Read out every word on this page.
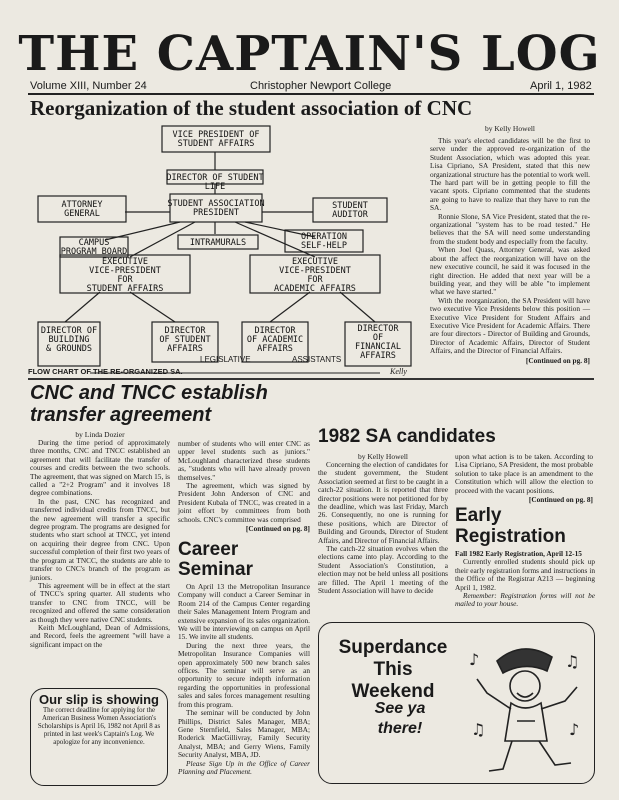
THE CAPTAIN'S LOG
Volume XIII, Number 24	Christopher Newport College	April 1, 1982
Reorganization of the student association of CNC
VICE PRESIDENT OF
STUDENT AFFAIRS
DIRECTOR OF STUDENT
LIFE
ATTORNEY
GENERAL
STUDENT ASSOCIATION
PRESIDENT
STUDENT
AUDITOR
CAMPUS
PROGRAM BOARD
INTRAMURALS
OPERATION
SELF-HELP
EXECUTIVE
VICE-PRESIDENT
FOR
STUDENT AFFAIRS
EXECUTIVE
VICE-PRESIDENT
FOR
ACADEMIC AFFAIRS
DIRECTOR OF
BUILDING
& GROUNDS
DIRECTOR
OF STUDENT
AFFAIRS
DIRECTOR
OF ACADEMIC
AFFAIRS
DIRECTOR
OF
FINANCIAL
AFFAIRS
LEGISLATIVE	ASSISTANTS
Kelly
FLOW CHART OF THE RE-ORGANIZED SA.
by Kelly Howell

This year's elected candidates will be the first to serve under the approved re-organization of the Student Association, which was adopted this year. Lisa Cipriano, SA President, stated that this new organizational structure has the potential to work well. The hard part will be in getting people to fill the vacant spots. Cipriano commented that the students are going to have to realize that they have to run the SA.

Ronnie Slone, SA Vice President, stated that the re-organizational "system has to be road tested." He believes that the SA will need some understanding from the student body and especially from the faculty.

When Joel Quass, Attorney General, was asked about the affect the reorganization will have on the new executive council, he said it was focused in the right direction. He added that next year will be a building year, and they will be able "to implement what we have started."

With the reorganization, the SA President will have two executive Vice Presidents below this position — Executive Vice President for Student Affairs and Executive Vice President for Academic Affairs. There are four directors - Director of Building and Grounds, Director of Academic Affairs, Director of Student Affairs, and the Director of Financial Affairs.

[Continued on pg. 8]
CNC and TNCC establish transfer agreement
by Linda Dozier

During the time period of approximately three months, CNC and TNCC established an agreement that will facilitate the transfer of courses and credits between the two schools. The agreement, that was signed on March 15, is called a "2+2 Program" and it involves 18 degree combinations.

In the past, CNC has recognized and transferred individual credits from TNCC, but the new agreement will transfer a specific degree program. The programs are designed for students who start school at TNCC, yet intend on acquiring their degree from CNC. Upon successful completion of their first two years of the program at TNCC, the students are able to transfer to CNC's branch of the program as juniors.

This agreement will be in effect at the start of TNCC's spring quarter. All students who transfer to CNC from TNCC, will be recognized and offered the same consideration as though they were native CNC students.

Keith McLoughland, Dean of Admissions, and Record, feels the agreement "will have a significant impact on the

number of students who will enter CNC as upper level students such as juniors." McLoughland characterized these students as, "students who will have already proven themselves."

The agreement, which was signed by President John Anderson of CNC and President Kubala of TNCC, was created in a joint effort by committees from both schools. CNC's committee was comprised

[Continued on pg. 8]
Our slip is showing
The correct deadline for applying for the American Business Women Association's Scholarships is April 16, 1982 not April 8 as printed in last week's Captain's Log. We apologize for any inconvenience.
Career Seminar

On April 13 the Metropolitan Insurance Company will conduct a Career Seminar in Room 214 of the Campus Center regarding their Sales Management Intern Program and extensive expansion of its sales organization. We will be interviewing on campus on April 15. We invite all students.

During the next three years, the Metropolitan Insurance Companies will open approximately 500 new branch sales offices. The seminar will serve as an opportunity to secure indepth information regarding the opportunities in professional sales and sales forces management resulting from this program.

The seminar will be conducted by John Phillips, District Sales Manager, MBA; Gene Sternfield, Sales Manager, MBA; Roderick MacGillivray, Family Security Analyst, MBA; and Gerry Wiens, Family Security Analyst, MBA, JD.

Please Sign Up in the Office of Career Planning and Placement.

1982 SA candidates
by Kelly Howell

Concerning the election of candidates for the student government, the Student Association seemed at first to be caught in a catch-22 situation. It is reported that three director positions were not petitioned for by the deadline, which was last Friday, March 26. Consequently, no one is running for these positions, which are Director of Building and Grounds, Director of Student Affairs, and Director of Financial Affairs.

The catch-22 situation evolves when the elections came into play. According to the Student Association's Constitution, a election may not be held unless all positions are filled. The April 1 meeting of the Student Association will have to decide

upon what action is to be taken. According to Lisa Cipriano, SA President, the most probable solution to take place is an amendment to the Constitution which will allow the election to proceed with the vacant positions.
[Continued on pg. 8]
Early Registration
Fall 1982 Early Registration, April 12-15

Currently enrolled students should pick up their early registration forms and instructions in the Office of the Registrar A213 — beginning April 1, 1982.

Remember: Registration forms will not be mailed to your house.

Superdance This Weekend
See ya there!
♪	♫
♫	♪
